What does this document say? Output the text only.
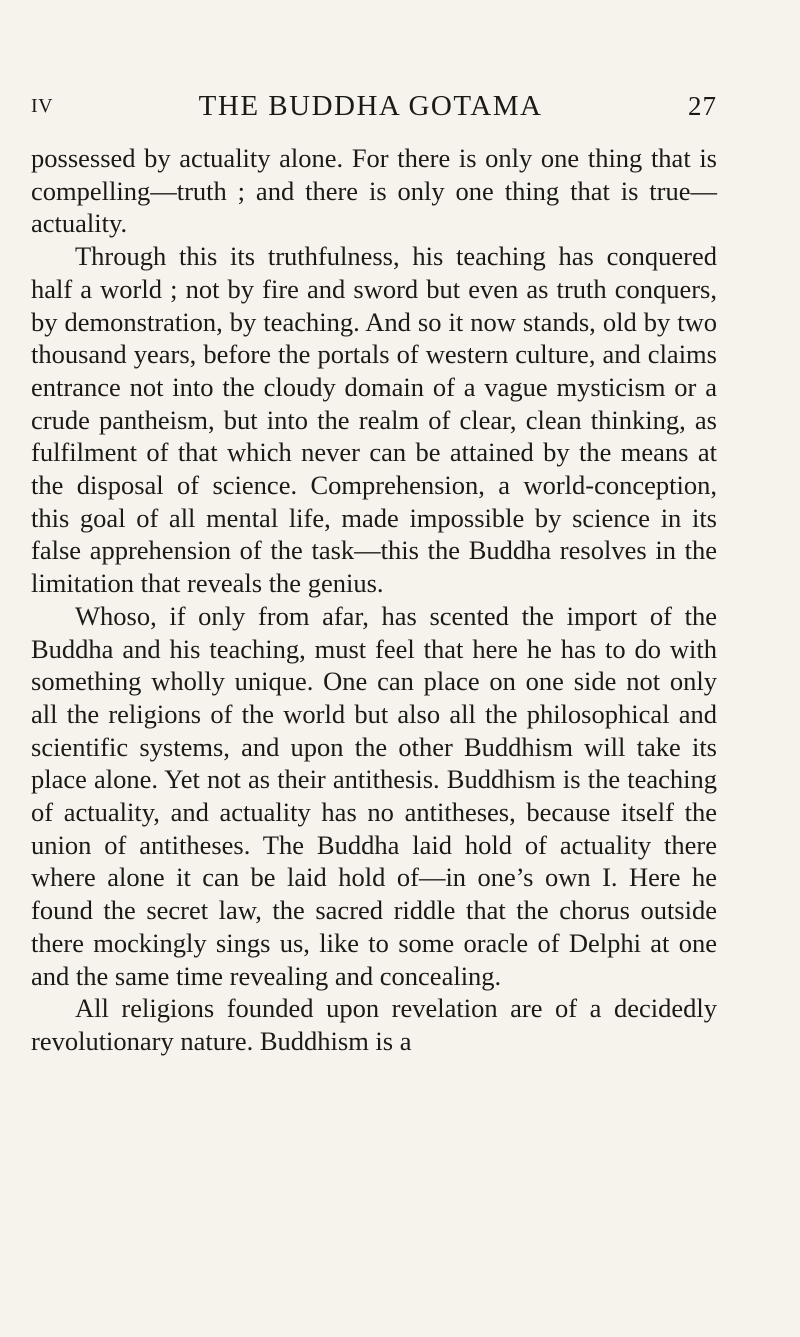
IV	THE BUDDHA GOTAMA	27

possessed by actuality alone. For there is only one thing that is compelling—truth ; and there is only one thing that is true—actuality.

Through this its truthfulness, his teaching has conquered half a world ; not by fire and sword but even as truth conquers, by demonstration, by teaching. And so it now stands, old by two thousand years, before the portals of western culture, and claims entrance not into the cloudy domain of a vague mysticism or a crude pantheism, but into the realm of clear, clean thinking, as fulfilment of that which never can be attained by the means at the disposal of science. Comprehension, a world-conception, this goal of all mental life, made impossible by science in its false apprehension of the task—this the Buddha resolves in the limitation that reveals the genius.

Whoso, if only from afar, has scented the import of the Buddha and his teaching, must feel that here he has to do with something wholly unique. One can place on one side not only all the religions of the world but also all the philosophical and scientific systems, and upon the other Buddhism will take its place alone. Yet not as their antithesis. Buddhism is the teaching of actuality, and actuality has no antitheses, because itself the union of antitheses. The Buddha laid hold of actuality there where alone it can be laid hold of—in one’s own I. Here he found the secret law, the sacred riddle that the chorus outside there mockingly sings us, like to some oracle of Delphi at one and the same time revealing and concealing.

All religions founded upon revelation are of a decidedly revolutionary nature. Buddhism is a
